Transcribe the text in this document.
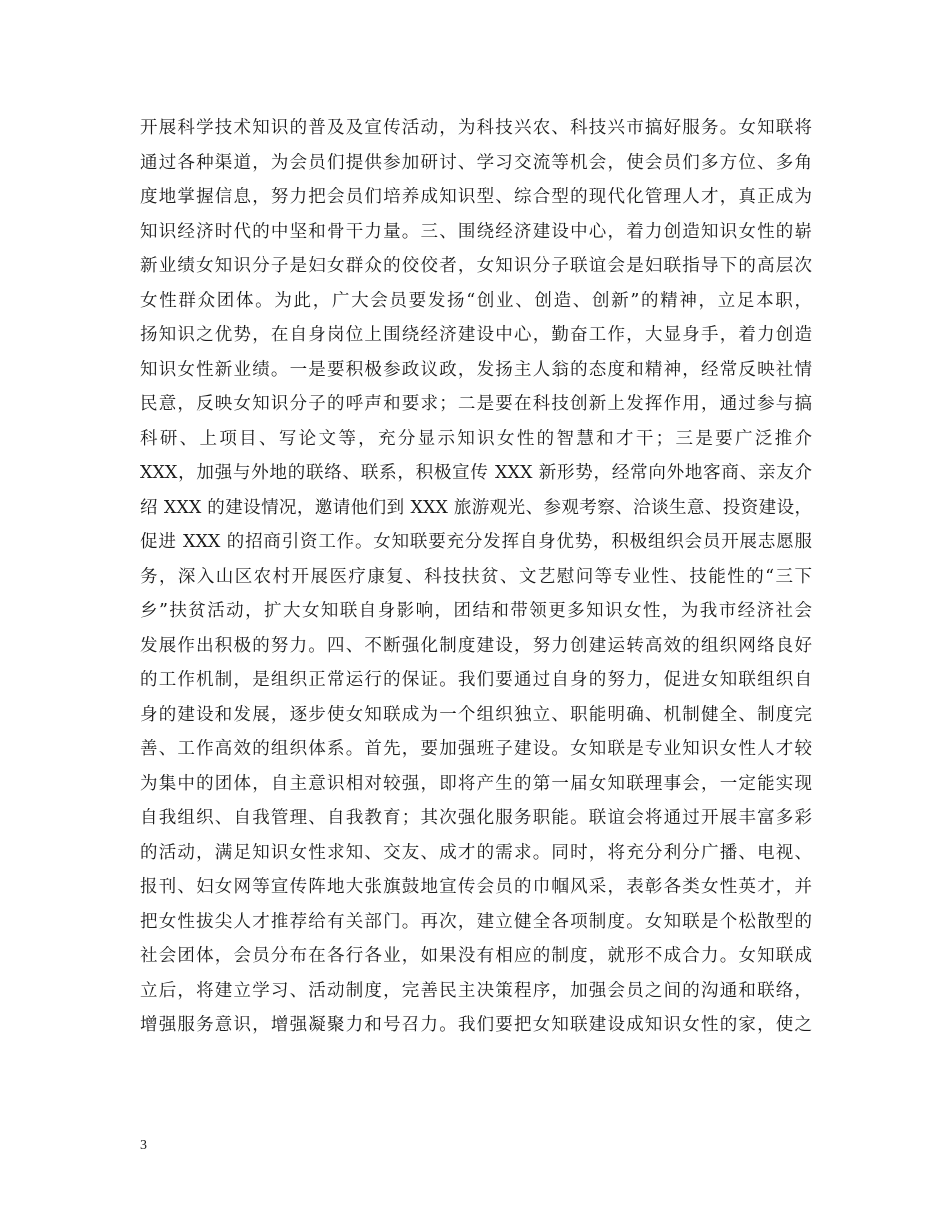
开展科学技术知识的普及及宣传活动，为科技兴农、科技兴市搞好服务。女知联将
通过各种渠道，为会员们提供参加研讨、学习交流等机会，使会员们多方位、多角
度地掌握信息，努力把会员们培养成知识型、综合型的现代化管理人才，真正成为
知识经济时代的中坚和骨干力量。三、围绕经济建设中心，着力创造知识女性的崭
新业绩女知识分子是妇女群众的佼佼者，女知识分子联谊会是妇联指导下的高层次
女性群众团体。为此，广大会员要发扬“创业、创造、创新”的精神，立足本职，
扬知识之优势，在自身岗位上围绕经济建设中心，勤奋工作，大显身手，着力创造
知识女性新业绩。一是要积极参政议政，发扬主人翁的态度和精神，经常反映社情
民意，反映女知识分子的呼声和要求；二是要在科技创新上发挥作用，通过参与搞
科研、上项目、写论文等，充分显示知识女性的智慧和才干；三是要广泛推介
XXX，加强与外地的联络、联系，积极宣传 XXX 新形势，经常向外地客商、亲友介
绍 XXX 的建设情况，邀请他们到 XXX 旅游观光、参观考察、洽谈生意、投资建设，
促进 XXX 的招商引资工作。女知联要充分发挥自身优势，积极组织会员开展志愿服
务，深入山区农村开展医疗康复、科技扶贫、文艺慰问等专业性、技能性的“三下
乡”扶贫活动，扩大女知联自身影响，团结和带领更多知识女性，为我市经济社会
发展作出积极的努力。四、不断强化制度建设，努力创建运转高效的组织网络良好
的工作机制，是组织正常运行的保证。我们要通过自身的努力，促进女知联组织自
身的建设和发展，逐步使女知联成为一个组织独立、职能明确、机制健全、制度完
善、工作高效的组织体系。首先，要加强班子建设。女知联是专业知识女性人才较
为集中的团体，自主意识相对较强，即将产生的第一届女知联理事会，一定能实现
自我组织、自我管理、自我教育；其次强化服务职能。联谊会将通过开展丰富多彩
的活动，满足知识女性求知、交友、成才的需求。同时，将充分利分广播、电视、
报刊、妇女网等宣传阵地大张旗鼓地宣传会员的巾帼风采，表彰各类女性英才，并
把女性拔尖人才推荐给有关部门。再次，建立健全各项制度。女知联是个松散型的
社会团体，会员分布在各行各业，如果没有相应的制度，就形不成合力。女知联成
立后，将建立学习、活动制度，完善民主决策程序，加强会员之间的沟通和联络，
增强服务意识，增强凝聚力和号召力。我们要把女知联建设成知识女性的家，使之
3
